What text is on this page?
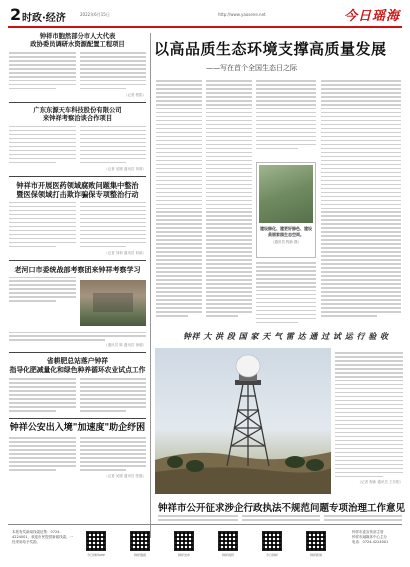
2 时政·经济	2022年6月15日	http://www.yaosene.net	今日瑶海
钟祥市胞然部分市人大代表
政协委员调研水资源配置工程项目
（记者 程铭）
广东东源天车科技股份有限公司
来钟祥考察洽谈合作项目
（记者 吴刚 通讯员 刘莉）
钟祥市开展医药领域腐败问题集中整治
暨医保领域打击欺诈骗保专项整治行动
（记者 刘莉 通讯员 何斌）
老河口市委统战部考察团来钟祥考察学习
（通讯员 陈 通讯员 徐湖）
省耕肥总站落户钟祥
指导化肥减量化和绿色种养循环农业试点工作
钟祥公安出入境"加速度"助企纾困
（记者 吴刚 通讯员 张磊）
以高品质生态环境支撑高质量发展
——写在首个全国生态日之际
建设绿化、建更好绿色、建设美丽家园生态空间。
（通讯员 程新 摄）
钟祥 大 洪 段 国 家 天 气 雷 达 通 过 试 运 行 验 收
（记者 程新 通讯员 王东阳）
钟祥市公开征求涉企行政执法不规范问题专项治理工作意见
本报有奖新闻线索征集：0724-4224001，欢迎市民提供新闻线索，一经采用给予奖励。
今日钟祥APP	钟祥微视	钟祥发布	钟祥视听	今日钟祥	钟祥新闻
钟祥市委宣传部主管
钟祥市融媒体中心主办
电话：0724-4224001
